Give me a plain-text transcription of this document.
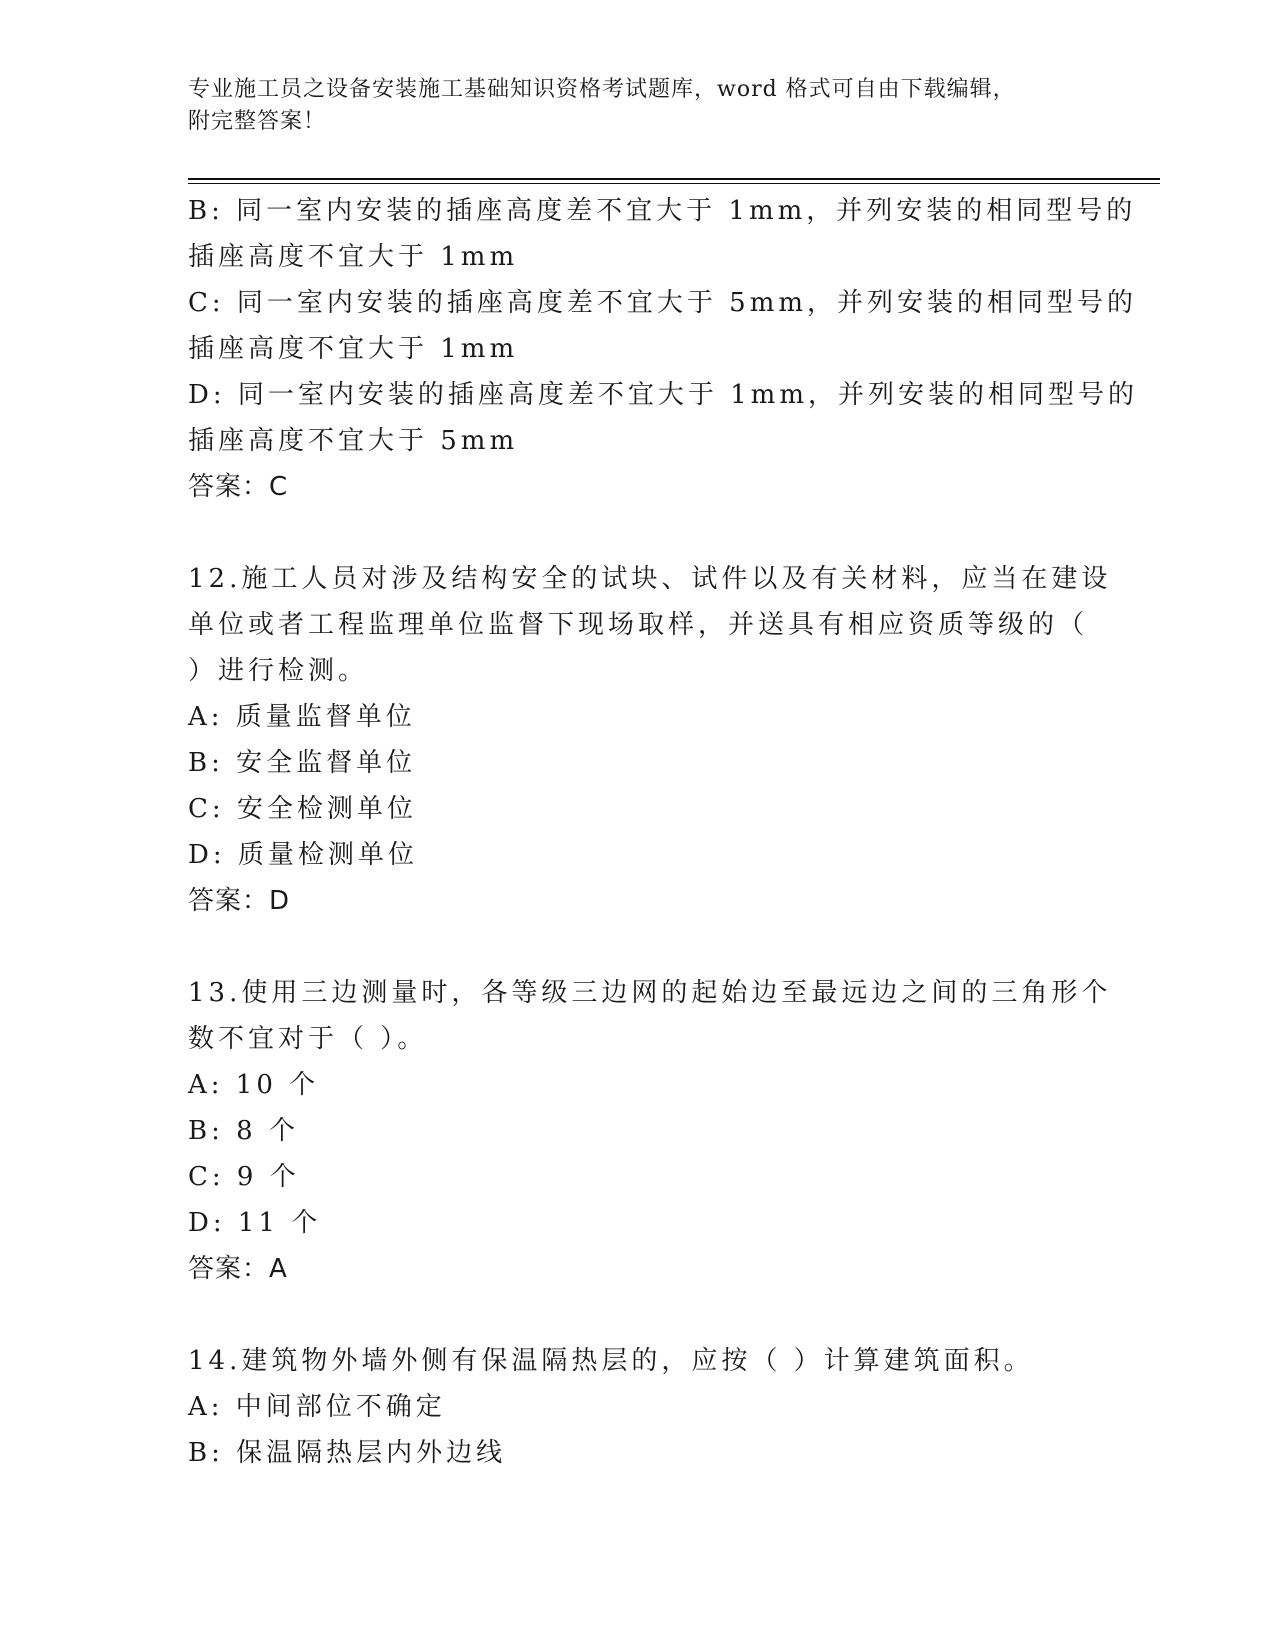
专业施工员之设备安装施工基础知识资格考试题库，word 格式可自由下载编辑，
附完整答案！
B: 同一室内安装的插座高度差不宜大于 1mm，并列安装的相同型号的
插座高度不宜大于 1mm
C: 同一室内安装的插座高度差不宜大于 5mm，并列安装的相同型号的
插座高度不宜大于 1mm
D: 同一室内安装的插座高度差不宜大于 1mm，并列安装的相同型号的
插座高度不宜大于 5mm
答案：C
12.施工人员对涉及结构安全的试块、试件以及有关材料，应当在建设
单位或者工程监理单位监督下现场取样，并送具有相应资质等级的（
）进行检测。
A: 质量监督单位
B: 安全监督单位
C: 安全检测单位
D: 质量检测单位
答案：D
13.使用三边测量时，各等级三边网的起始边至最远边之间的三角形个
数不宜对于（ ）。
A: 10 个
B: 8 个
C: 9 个
D: 11 个
答案：A
14.建筑物外墙外侧有保温隔热层的，应按（ ）计算建筑面积。
A: 中间部位不确定
B: 保温隔热层内外边线
